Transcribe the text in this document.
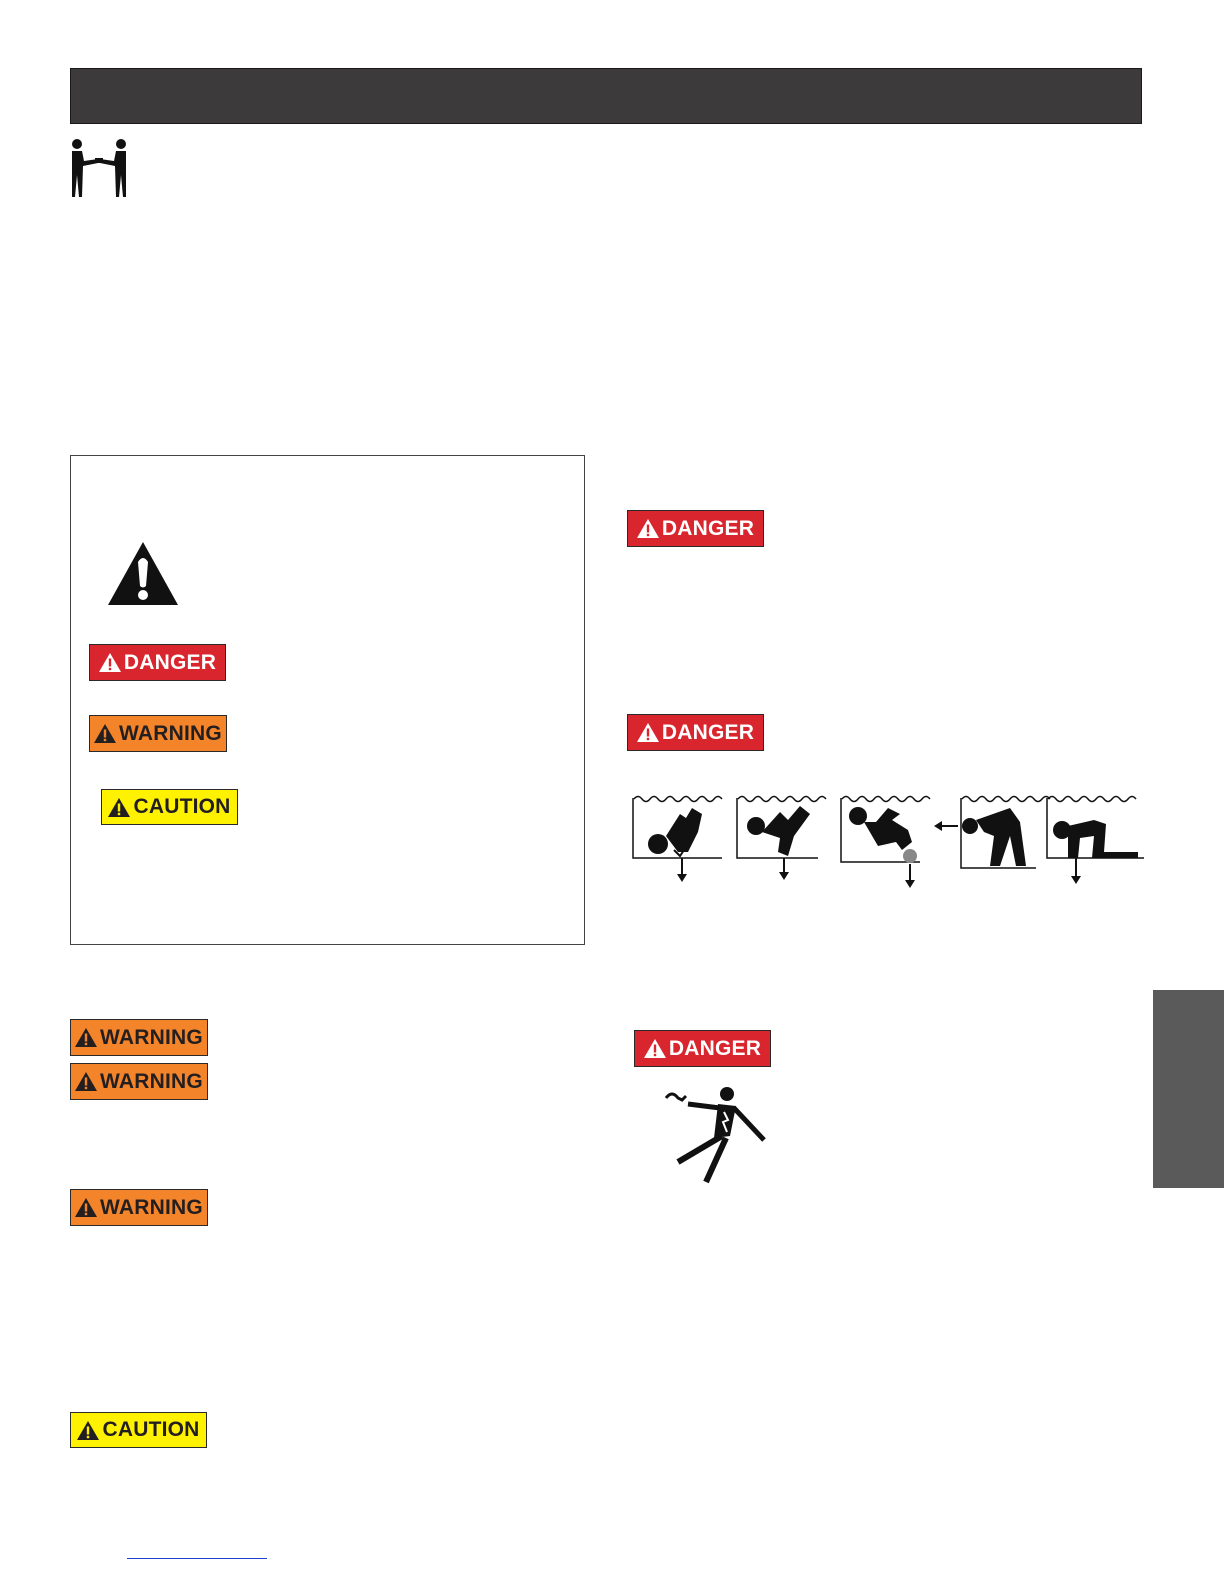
DANGER
WARNING
CAUTION
WARNING
WARNING
WARNING
CAUTION
DANGER
DANGER
DANGER
